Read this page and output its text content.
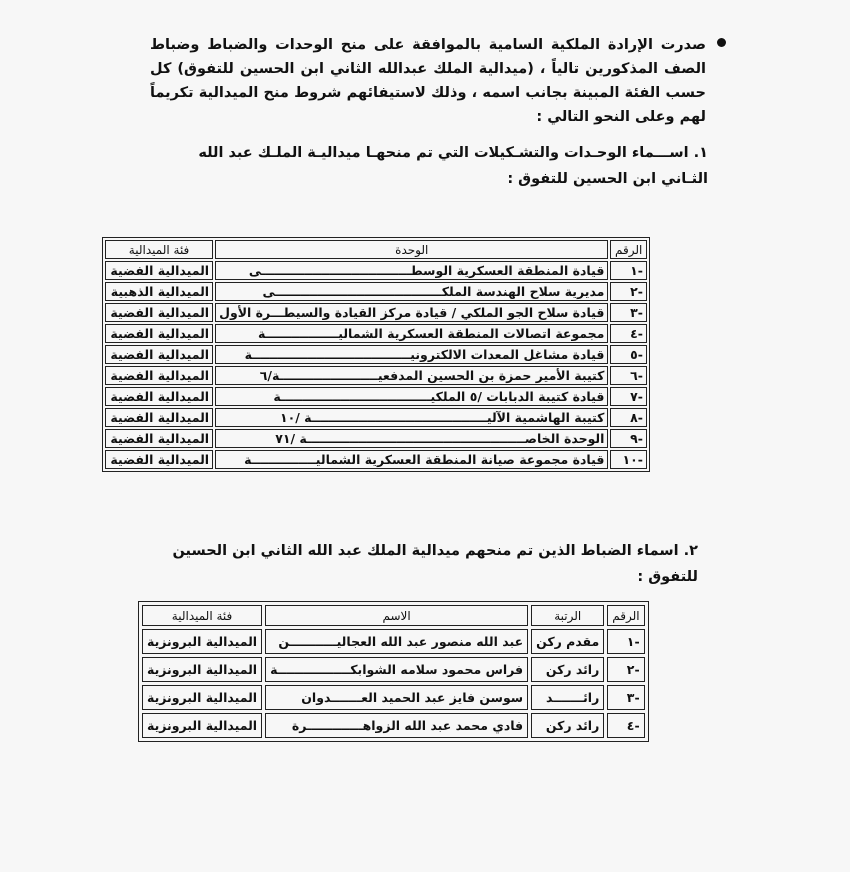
صدرت الإرادة الملكية السامية بالموافقة على منح الوحدات والضباط وضباط الصف المذكورين تالياً ، (ميدالية الملك عبدالله الثاني ابن الحسين للتفوق) كل حسب الفئة المبينة بجانب اسمه ، وذلك لاستيفائهم شروط منح الميدالية تكريماً لهم وعلى النحو التالي :
١. اســـماء الوحـدات والتشـكيلات التي تم منحهـا ميداليـة الملـك عبد الله الثـاني ابن الحسين للتفوق :
الرقم	الوحدة	فئة الميدالية
-١	قيادة المنطقة العسكرية الوسطـــــــــــــــــــــــــــــــــــى	الميدالية الفضية
-٢	مديرية سلاح الهندسة الملكـــــــــــــــــــــــــــــــــــــــى	الميدالية الذهبية
-٣	قيادة سلاح الجو الملكي / قيادة مركز القيادة والسيطـــرة الأول	الميدالية الفضية
-٤	مجموعة اتصالات المنطقة العسكرية الشماليـــــــــــــــــة	الميدالية الفضية
-٥	قيادة مشاغل المعدات الالكترونيـــــــــــــــــــــــــــــــــــــة	الميدالية الفضية
-٦	كتيبة الأمير حمزة بن الحسين المدفعيـــــــــــــــــــــــة/٦	الميدالية الفضية
-٧	قيادة كتيبة الدبابات /٥ الملكيـــــــــــــــــــــــــــــــــــة	الميدالية الفضية
-٨	كتيبة الهاشمية الآليـــــــــــــــــــــــــــــــــــــــــة /١٠	الميدالية الفضية
-٩	الوحدة الخاصـــــــــــــــــــــــــــــــــــــــــــــــــــة /٧١	الميدالية الفضية
-١٠	قيادة مجموعة صيانة المنطقة العسكرية الشماليـــــــــــــــة	الميدالية الفضية
٢. اسماء الضباط الذين تم منحهم ميدالية الملك عبد الله الثاني ابن الحسين للتفوق :
الرقم	الرتبة	الاسم	فئة الميدالية
-١	مقدم ركن	عبد الله منصور عبد الله العجاليـــــــــــن	الميدالية البرونزية
-٢	رائد ركن	فراس محمود سلامه الشوابكـــــــــــــــــة	الميدالية البرونزية
-٣	رائـــــــد	سوسن فايز عبد الحميد العـــــــدوان	الميدالية البرونزية
-٤	رائد ركن	فادي محمد عبد الله الزواهـــــــــــــرة	الميدالية البرونزية
